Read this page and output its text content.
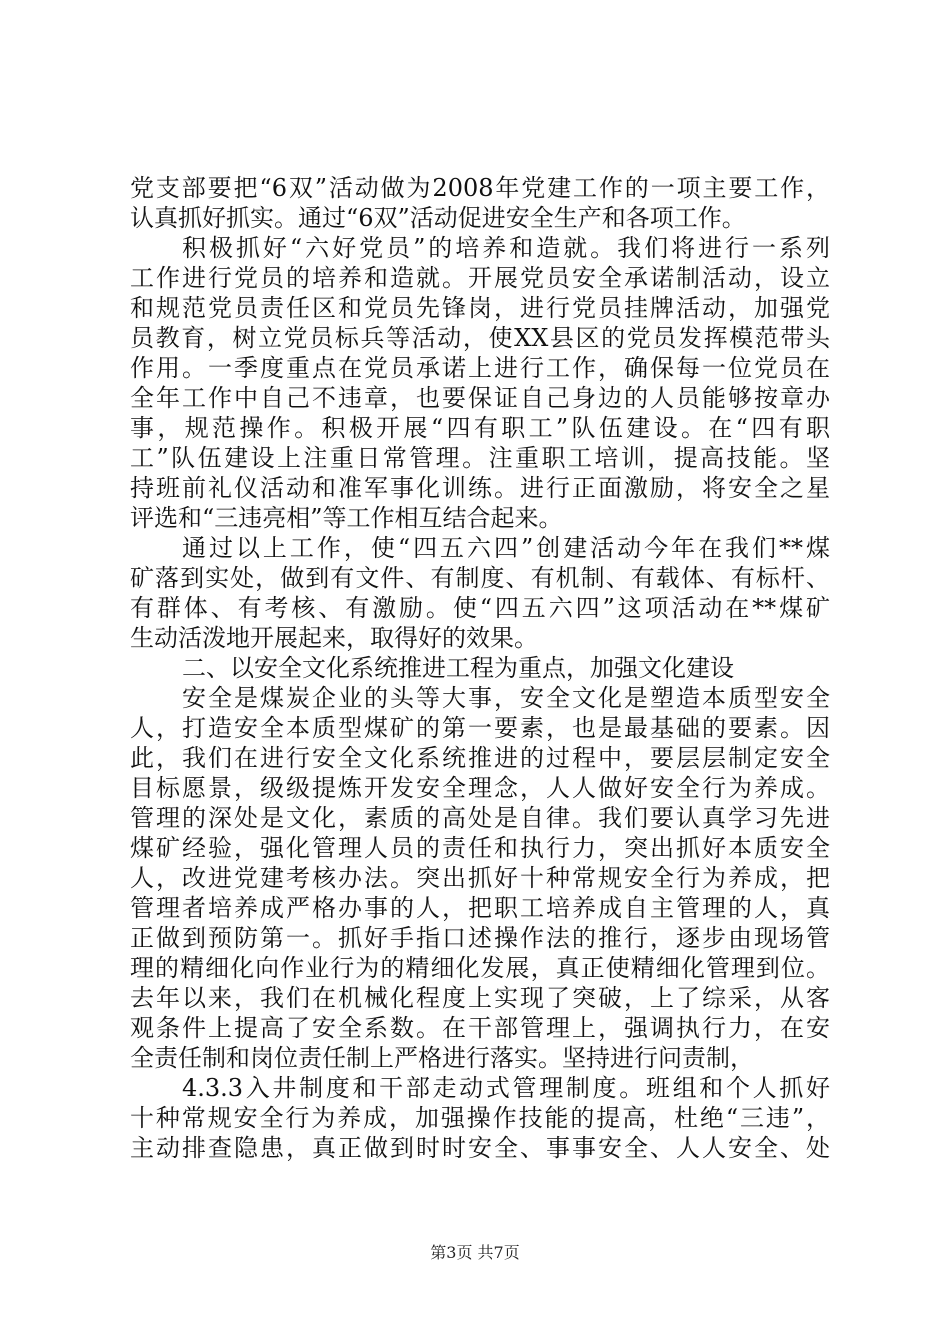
党支部要把“6双”活动做为2008年党建工作的一项主要工作，
认真抓好抓实。通过“6双”活动促进安全生产和各项工作。
积极抓好“六好党员”的培养和造就。我们将进行一系列
工作进行党员的培养和造就。开展党员安全承诺制活动，设立
和规范党员责任区和党员先锋岗，进行党员挂牌活动，加强党
员教育，树立党员标兵等活动，使XX县区的党员发挥模范带头
作用。一季度重点在党员承诺上进行工作，确保每一位党员在
全年工作中自己不违章，也要保证自己身边的人员能够按章办
事，规范操作。积极开展“四有职工”队伍建设。在“四有职
工”队伍建设上注重日常管理。注重职工培训，提高技能。坚
持班前礼仪活动和准军事化训练。进行正面激励，将安全之星
评选和“三违亮相”等工作相互结合起来。
通过以上工作，使“四五六四”创建活动今年在我们**煤
矿落到实处，做到有文件、有制度、有机制、有载体、有标杆、
有群体、有考核、有激励。使“四五六四”这项活动在**煤矿
生动活泼地开展起来，取得好的效果。
二、以安全文化系统推进工程为重点，加强文化建设
安全是煤炭企业的头等大事，安全文化是塑造本质型安全
人，打造安全本质型煤矿的第一要素，也是最基础的要素。因
此，我们在进行安全文化系统推进的过程中，要层层制定安全
目标愿景，级级提炼开发安全理念，人人做好安全行为养成。
管理的深处是文化，素质的高处是自律。我们要认真学习先进
煤矿经验，强化管理人员的责任和执行力，突出抓好本质安全
人，改进党建考核办法。突出抓好十种常规安全行为养成，把
管理者培养成严格办事的人，把职工培养成自主管理的人，真
正做到预防第一。抓好手指口述操作法的推行，逐步由现场管
理的精细化向作业行为的精细化发展，真正使精细化管理到位。
去年以来，我们在机械化程度上实现了突破，上了综采，从客
观条件上提高了安全系数。在干部管理上，强调执行力，在安
全责任制和岗位责任制上严格进行落实。坚持进行问责制，
4.3.3入井制度和干部走动式管理制度。班组和个人抓好
十种常规安全行为养成，加强操作技能的提高，杜绝“三违”，
主动排查隐患，真正做到时时安全、事事安全、人人安全、处
第3页 共7页
